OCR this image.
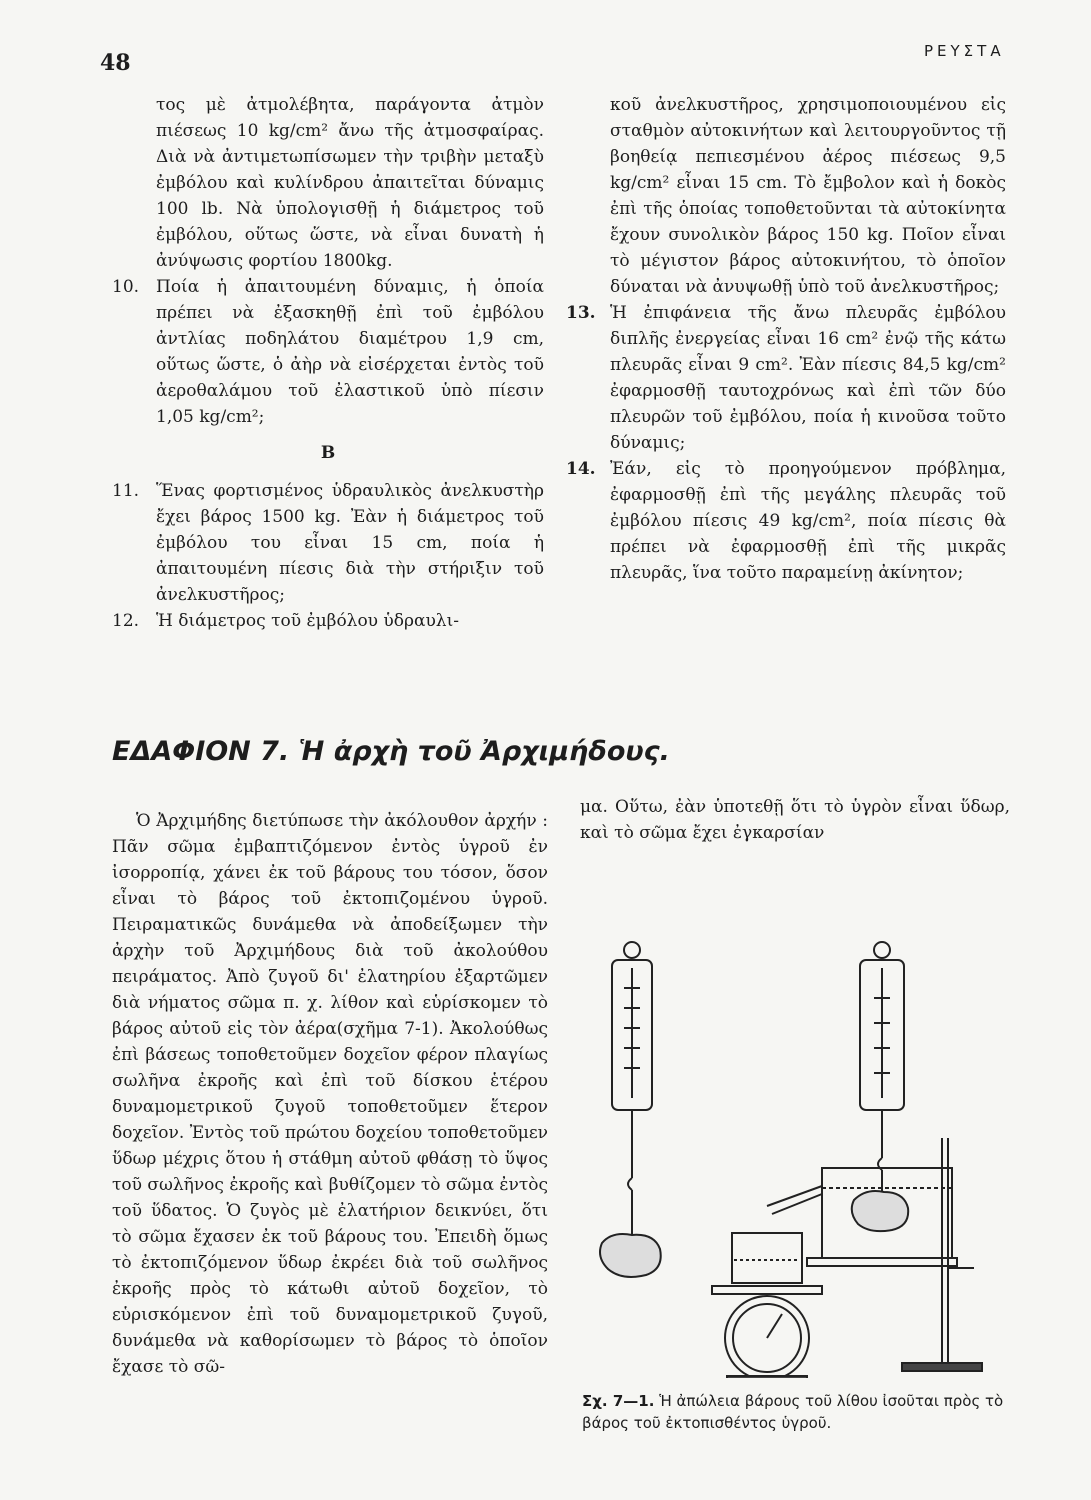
48	ΡΕΥΣΤΑ

τος μὲ ἀτμολέβητα, παράγοντα ἀτμὸν πιέσεως 10 kg/cm² ἄνω τῆς ἀτμοσφαίρας. Διὰ νὰ ἀντιμετωπίσωμεν τὴν τριβὴν μεταξὺ ἐμβόλου καὶ κυλίνδρου ἀπαιτεῖται δύναμις 100 lb. Νὰ ὑπολογισθῇ ἡ διάμετρος τοῦ ἐμβόλου, οὕτως ὥστε, νὰ εἶναι δυνατὴ ἡ ἀνύψωσις φορτίου 1800kg.

10. Ποία ἡ ἀπαιτουμένη δύναμις, ἡ ὁποία πρέπει νὰ ἐξασκηθῇ ἐπὶ τοῦ ἐμβόλου ἀντλίας ποδηλάτου διαμέτρου 1,9 cm, οὕτως ὥστε, ὁ ἀὴρ νὰ εἰσέρχεται ἐντὸς τοῦ ἀεροθαλάμου τοῦ ἐλαστικοῦ ὑπὸ πίεσιν 1,05 kg/cm²;
Β
11. Ἕνας φορτισμένος ὑδραυλικὸς ἀνελκυστὴρ ἔχει βάρος 1500 kg. Ἐὰν ἡ διάμετρος τοῦ ἐμβόλου του εἶναι 15 cm, ποία ἡ ἀπαιτουμένη πίεσις διὰ τὴν στήριξιν τοῦ ἀνελκυστῆρος;
12. Ἡ διάμετρος τοῦ ἐμβόλου ὑδραυλι-

κοῦ ἀνελκυστῆρος, χρησιμοποιουμένου εἰς σταθμὸν αὐτοκινήτων καὶ λειτουργοῦντος τῇ βοηθείᾳ πεπιεσμένου ἀέρος πιέσεως 9,5 kg/cm² εἶναι 15 cm. Τὸ ἔμβολον καὶ ἡ δοκὸς ἐπὶ τῆς ὁποίας τοποθετοῦνται τὰ αὐτοκίνητα ἔχουν συνολικὸν βάρος 150 kg. Ποῖον εἶναι τὸ μέγιστον βάρος αὐτοκινήτου, τὸ ὁποῖον δύναται νὰ ἀνυψωθῇ ὑπὸ τοῦ ἀνελκυστῆρος;

13. Ἡ ἐπιφάνεια τῆς ἄνω πλευρᾶς ἐμβόλου διπλῆς ἐνεργείας εἶναι 16 cm² ἐνῷ τῆς κάτω πλευρᾶς εἶναι 9 cm². Ἐὰν πίεσις 84,5 kg/cm² ἐφαρμοσθῇ ταυτοχρόνως καὶ ἐπὶ τῶν δύο πλευρῶν τοῦ ἐμβόλου, ποία ἡ κινοῦσα τοῦτο δύναμις;
14. Ἐάν, εἰς τὸ προηγούμενον πρόβλημα, ἐφαρμοσθῇ ἐπὶ τῆς μεγάλης πλευρᾶς τοῦ ἐμβόλου πίεσις 49 kg/cm², ποία πίεσις θὰ πρέπει νὰ ἐφαρμοσθῇ ἐπὶ τῆς μικρᾶς πλευρᾶς, ἵνα τοῦτο παραμείνῃ ἀκίνητον;
ΕΔΑΦΙΟΝ 7. Ἡ ἀρχὴ τοῦ Ἀρχιμήδους.

Ὁ Ἀρχιμήδης διετύπωσε τὴν ἀκόλουθον ἀρχήν : Πᾶν σῶμα ἐμβαπτιζόμενον ἐντὸς ὑγροῦ ἐν ἰσορροπίᾳ, χάνει ἐκ τοῦ βάρους του τόσον, ὅσον εἶναι τὸ βάρος τοῦ ἐκτοπιζομένου ὑγροῦ. Πειραματικῶς δυνάμεθα νὰ ἀποδείξωμεν τὴν ἀρχὴν τοῦ Ἀρχιμήδους διὰ τοῦ ἀκολούθου πειράματος. Ἀπὸ ζυγοῦ δι' ἐλατηρίου ἐξαρτῶμεν διὰ νήματος σῶμα π. χ. λίθον καὶ εὑρίσκομεν τὸ βάρος αὐτοῦ εἰς τὸν ἀέρα(σχῆμα 7-1). Ἀκολούθως ἐπὶ βάσεως τοποθετοῦμεν δοχεῖον φέρον πλαγίως σωλῆνα ἐκροῆς καὶ ἐπὶ τοῦ δίσκου ἑτέρου δυναμομετρικοῦ ζυγοῦ τοποθετοῦμεν ἕτερον δοχεῖον. Ἐντὸς τοῦ πρώτου δοχείου τοποθετοῦμεν ὕδωρ μέχρις ὅτου ἡ στάθμη αὐτοῦ φθάσῃ τὸ ὕψος τοῦ σωλῆνος ἐκροῆς καὶ βυθίζομεν τὸ σῶμα ἐντὸς τοῦ ὕδατος. Ὁ ζυγὸς μὲ ἐλατήριον δεικνύει, ὅτι τὸ σῶμα ἔχασεν ἐκ τοῦ βάρους του. Ἐπειδὴ ὅμως τὸ ἐκτοπιζόμενον ὕδωρ ἐκρέει διὰ τοῦ σωλῆνος ἐκροῆς πρὸς τὸ κάτωθι αὐτοῦ δοχεῖον, τὸ εὑρισκόμενον ἐπὶ τοῦ δυναμομετρικοῦ ζυγοῦ, δυνάμεθα νὰ καθορίσωμεν τὸ βάρος τὸ ὁποῖον ἔχασε τὸ σῶ-

μα. Οὕτω, ἐὰν ὑποτεθῇ ὅτι τὸ ὑγρὸν εἶναι ὕδωρ, καὶ τὸ σῶμα ἔχει ἐγκαρσίαν

Σχ. 7—1. Ἡ ἀπώλεια βάρους τοῦ λίθου ἰσοῦται πρὸς τὸ βάρος τοῦ ἐκτοπισθέντος ὑγροῦ.
